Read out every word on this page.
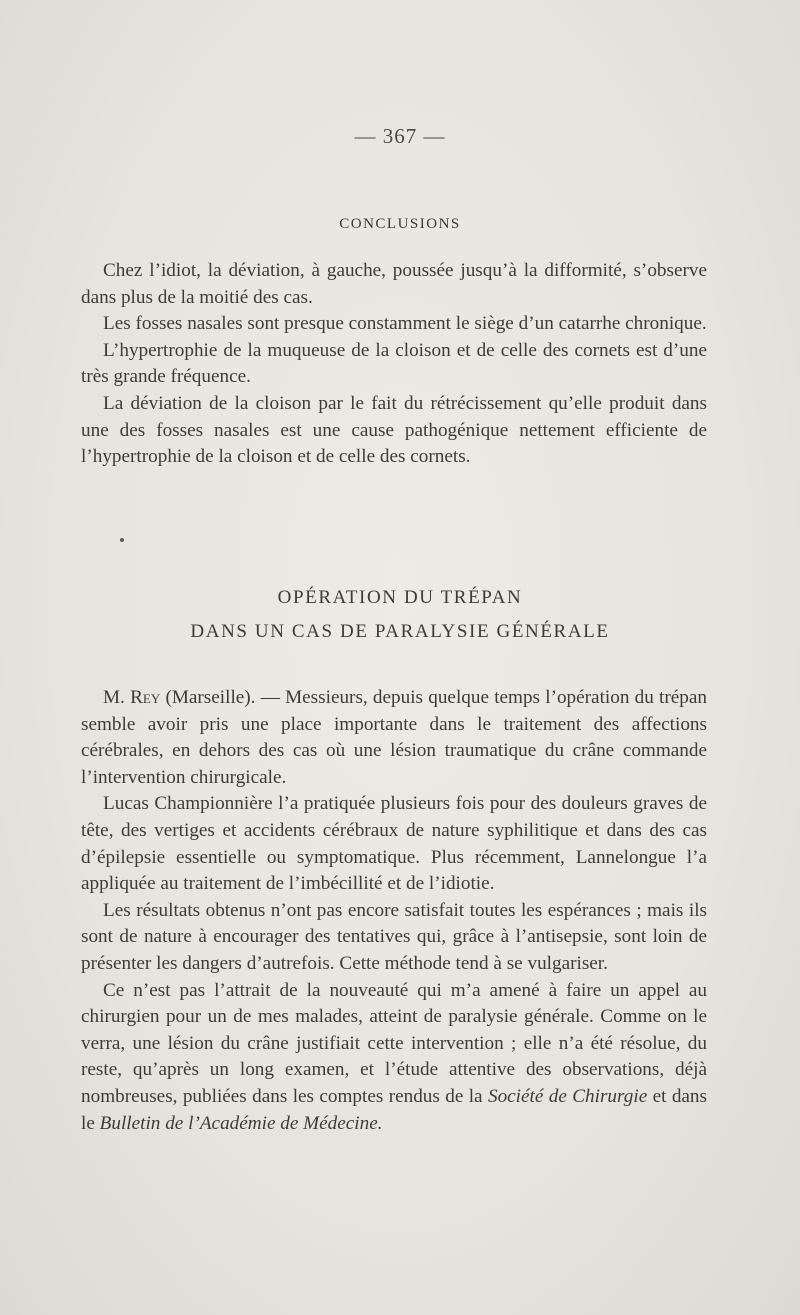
— 367 —
CONCLUSIONS

Chez l’idiot, la déviation, à gauche, poussée jusqu’à la difformité, s’observe dans plus de la moitié des cas.

Les fosses nasales sont presque constamment le siège d’un catarrhe chronique.

L’hypertrophie de la muqueuse de la cloison et de celle des cornets est d’une très grande fréquence.

La déviation de la cloison par le fait du rétrécissement qu’elle produit dans une des fosses nasales est une cause pathogénique nettement efficiente de l’hypertrophie de la cloison et de celle des cornets.

OPÉRATION DU TRÉPAN
DANS UN CAS DE PARALYSIE GÉNÉRALE

M. Rey (Marseille). — Messieurs, depuis quelque temps l’opération du trépan semble avoir pris une place importante dans le traitement des affections cérébrales, en dehors des cas où une lésion traumatique du crâne commande l’intervention chirurgicale.

Lucas Championnière l’a pratiquée plusieurs fois pour des douleurs graves de tête, des vertiges et accidents cérébraux de nature syphilitique et dans des cas d’épilepsie essentielle ou symptomatique. Plus récemment, Lannelongue l’a appliquée au traitement de l’imbécillité et de l’idiotie.

Les résultats obtenus n’ont pas encore satisfait toutes les espérances ; mais ils sont de nature à encourager des tentatives qui, grâce à l’antisepsie, sont loin de présenter les dangers d’autrefois. Cette méthode tend à se vulgariser.

Ce n’est pas l’attrait de la nouveauté qui m’a amené à faire un appel au chirurgien pour un de mes malades, atteint de paralysie générale. Comme on le verra, une lésion du crâne justifiait cette intervention ; elle n’a été résolue, du reste, qu’après un long examen, et l’étude attentive des observations, déjà nombreuses, publiées dans les comptes rendus de la Société de Chirurgie et dans le Bulletin de l’Académie de Médecine.
